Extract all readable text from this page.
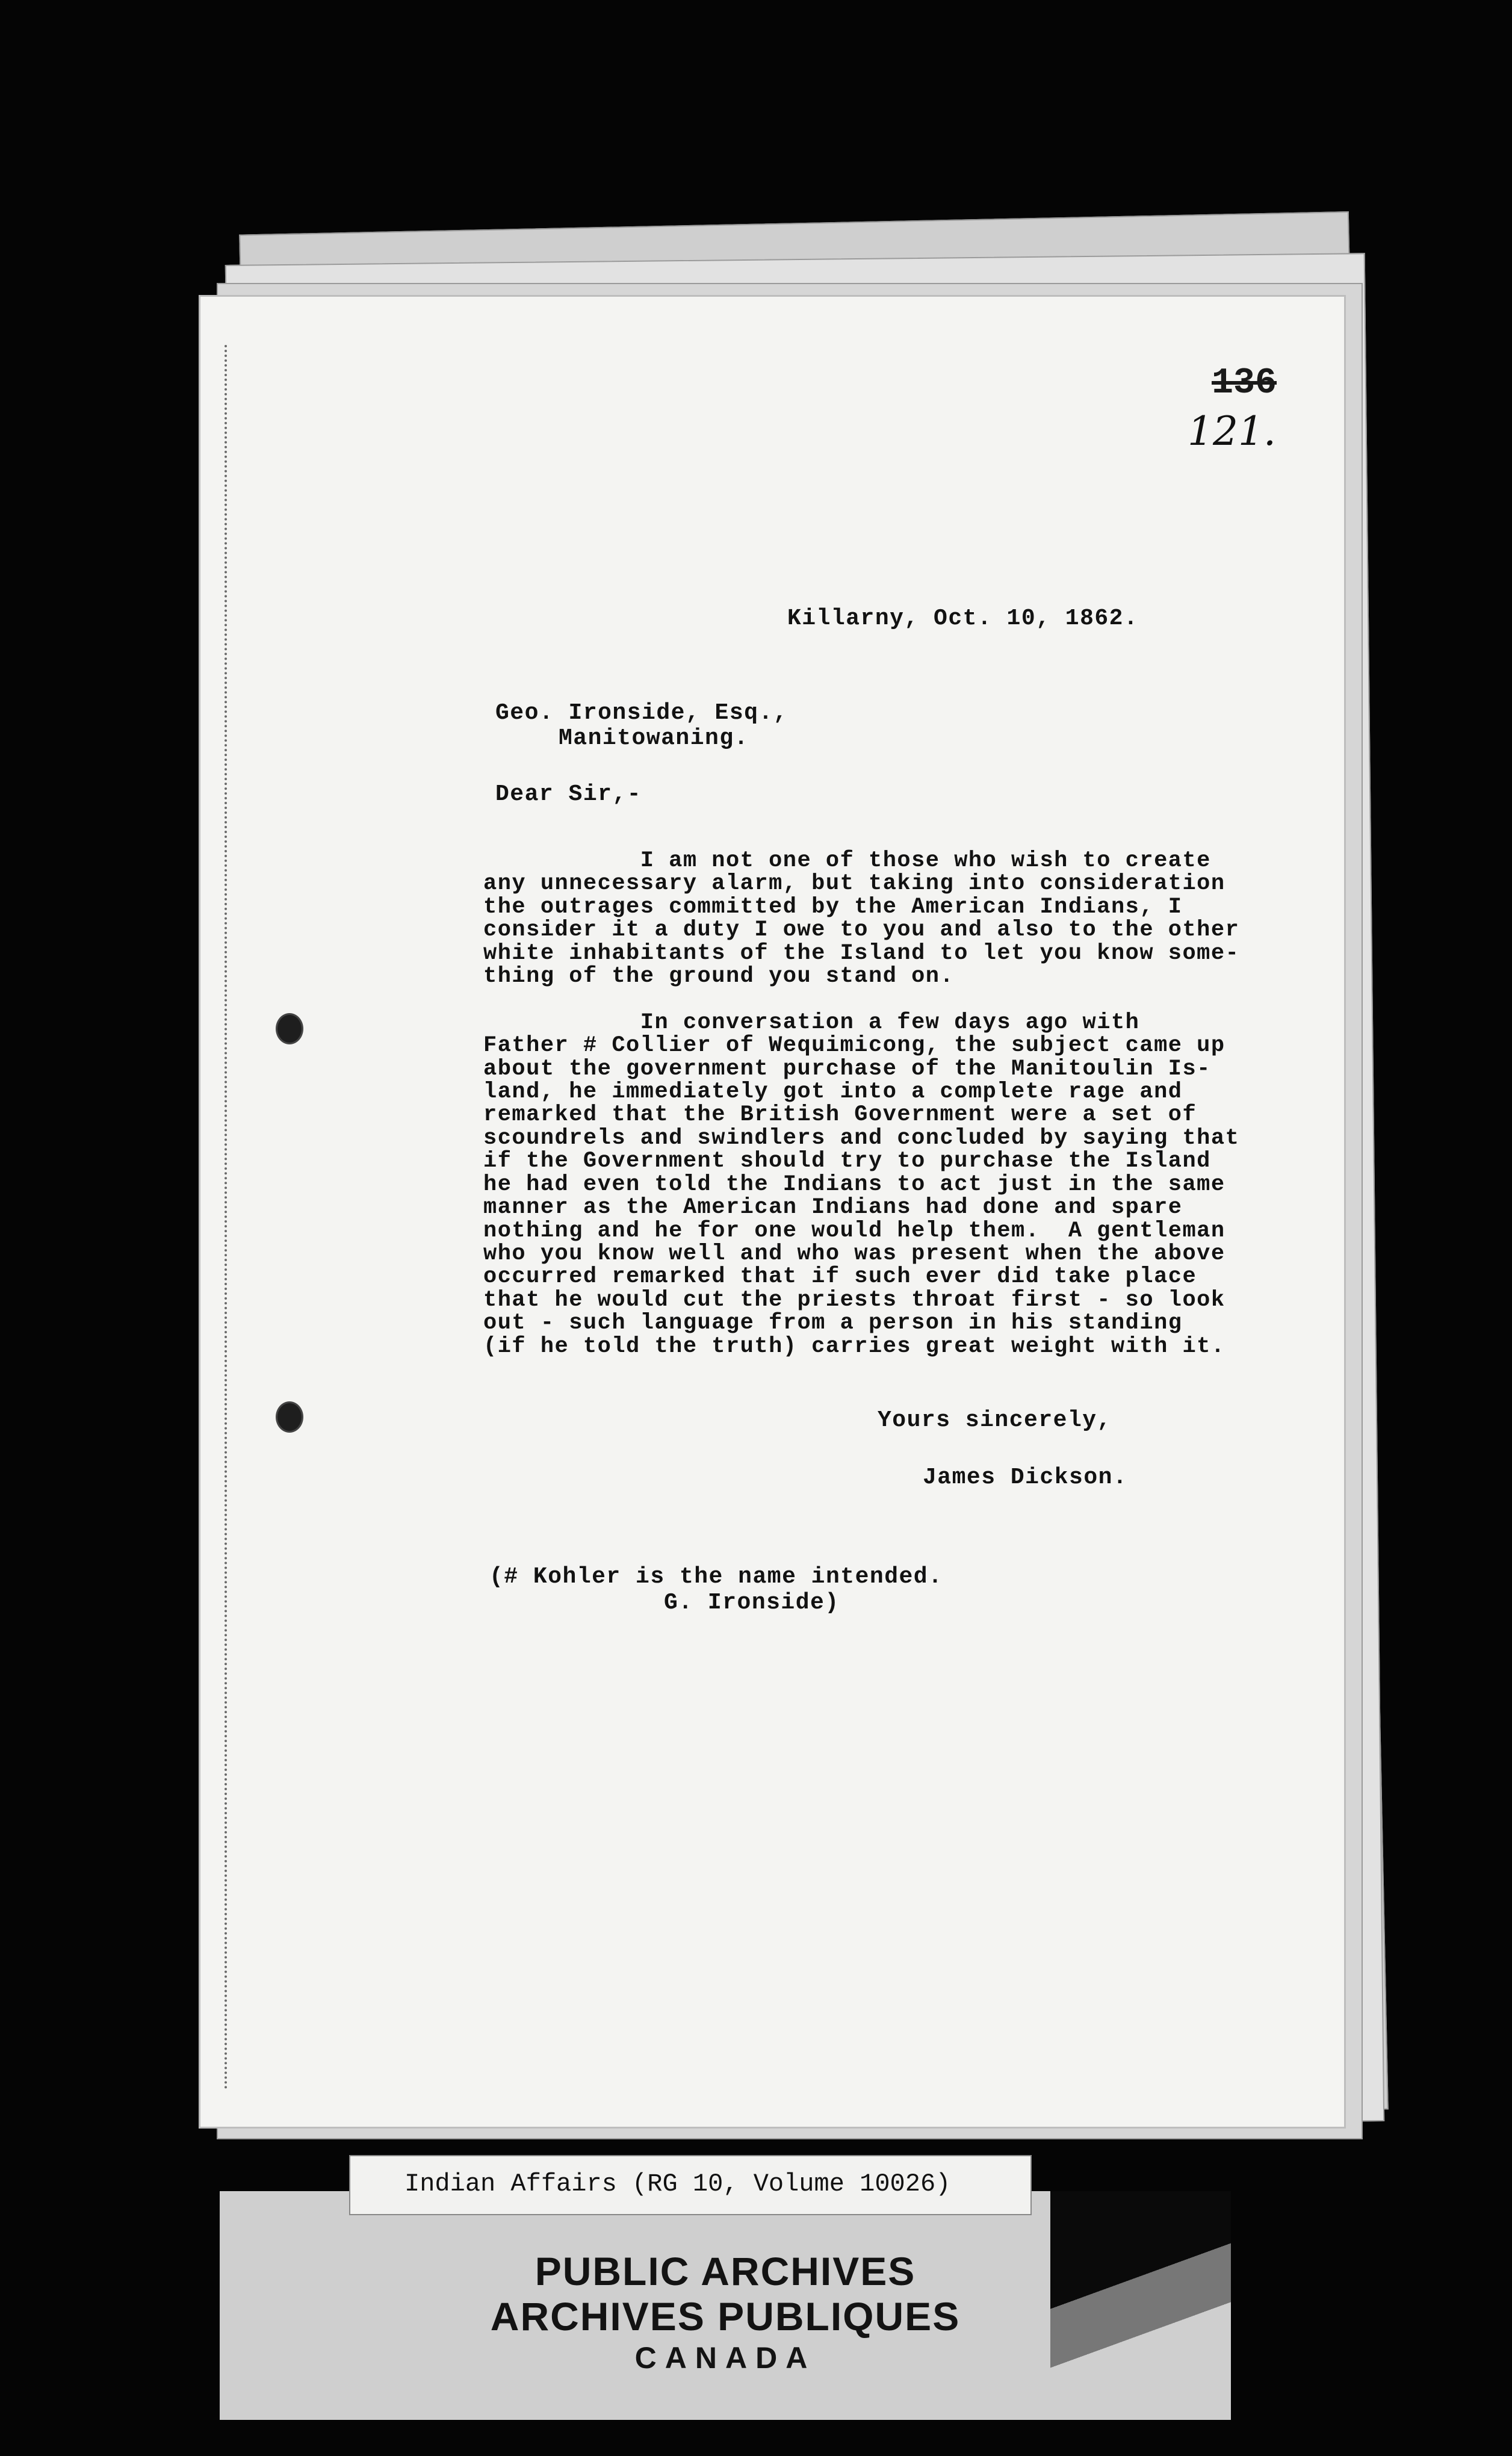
136
121.
Killarny, Oct. 10, 1862.
Geo. Ironside, Esq.,
Manitowaning.
Dear Sir,-
I am not one of those who wish to create
any unnecessary alarm, but taking into consideration
the outrages committed by the American Indians, I
consider it a duty I owe to you and also to the other
white inhabitants of the Island to let you know some-
thing of the ground you stand on.

In conversation a few days ago with
Father # Collier of Wequimicong, the subject came up
about the government purchase of the Manitoulin Is-
land, he immediately got into a complete rage and
remarked that the British Government were a set of
scoundrels and swindlers and concluded by saying that
if the Government should try to purchase the Island
he had even told the Indians to act just in the same
manner as the American Indians had done and spare
nothing and he for one would help them.  A gentleman
who you know well and who was present when the above
occurred remarked that if such ever did take place
that he would cut the priests throat first - so look
out - such language from a person in his standing
(if he told the truth) carries great weight with it.
Yours sincerely,
James Dickson.
(# Kohler is the name intended.
G. Ironside)
PUBLIC ARCHIVES
ARCHIVES PUBLIQUES
CANADA
Indian Affairs (RG 10, Volume 10026)
